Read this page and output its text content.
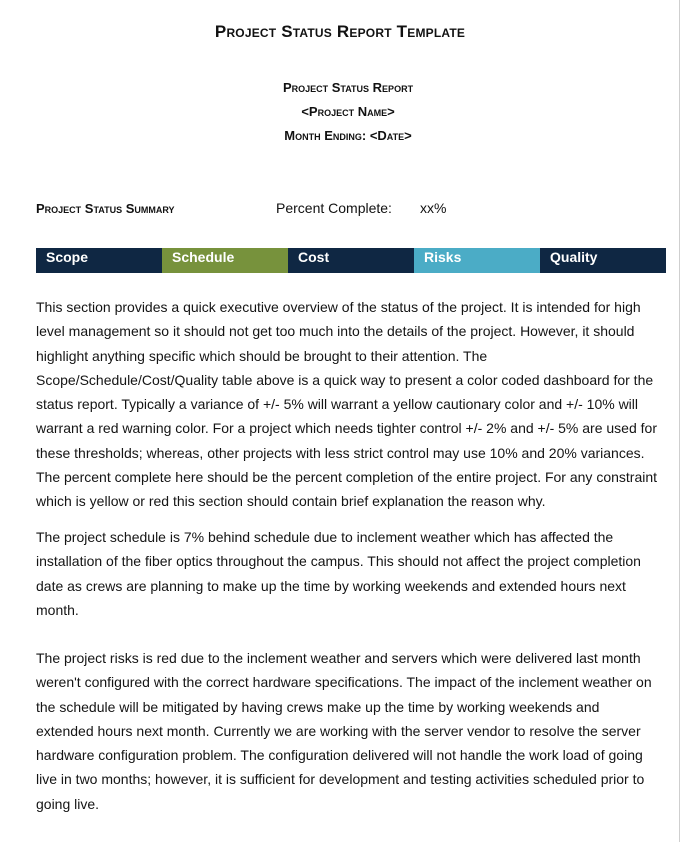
Project Status Report Template
Project Status Report
<Project Name>
Month Ending: <Date>
Project Status Summary	Percent Complete: xx%
Scope	Schedule	Cost	Risks	Quality

This section provides a quick executive overview of the status of the project. It is intended for high level management so it should not get too much into the details of the project. However, it should highlight anything specific which should be brought to their attention. The Scope/Schedule/Cost/Quality table above is a quick way to present a color coded dashboard for the status report. Typically a variance of +/- 5% will warrant a yellow cautionary color and +/- 10% will warrant a red warning color. For a project which needs tighter control +/- 2% and +/- 5% are used for these thresholds; whereas, other projects with less strict control may use 10% and 20% variances. The percent complete here should be the percent completion of the entire project. For any constraint which is yellow or red this section should contain brief explanation the reason why.

The project schedule is 7% behind schedule due to inclement weather which has affected the installation of the fiber optics throughout the campus. This should not affect the project completion date as crews are planning to make up the time by working weekends and extended hours next month.

The project risks is red due to the inclement weather and servers which were delivered last month weren't configured with the correct hardware specifications. The impact of the inclement weather on the schedule will be mitigated by having crews make up the time by working weekends and extended hours next month. Currently we are working with the server vendor to resolve the server hardware configuration problem. The configuration delivered will not handle the work load of going live in two months; however, it is sufficient for development and testing activities scheduled prior to going live.
